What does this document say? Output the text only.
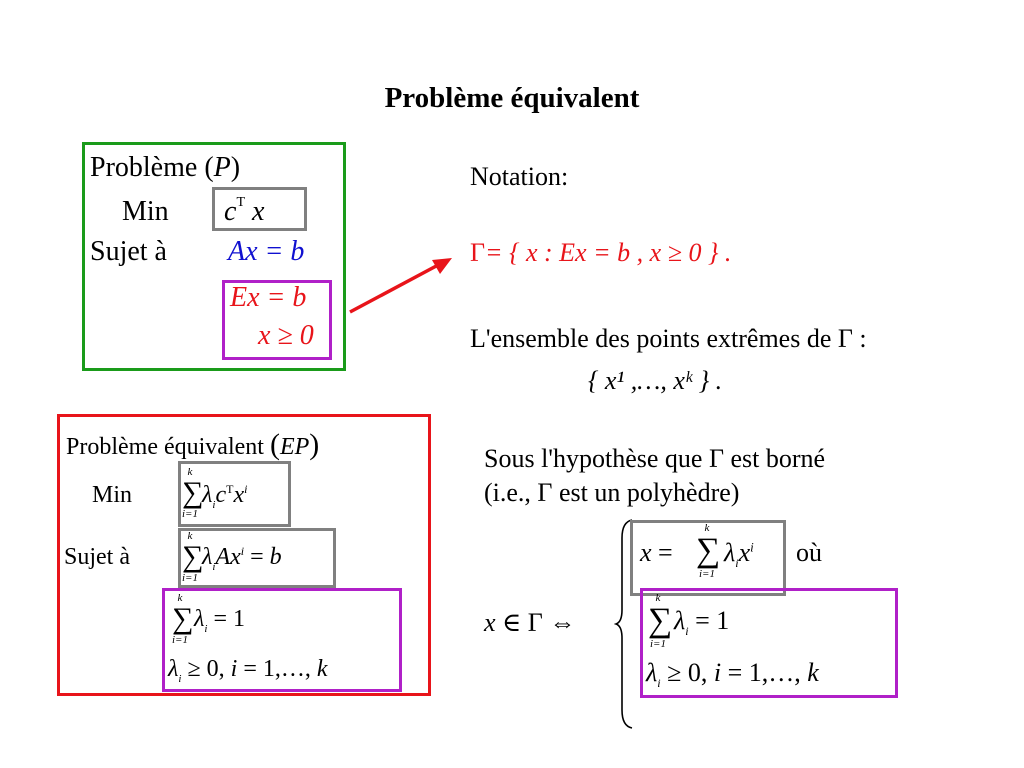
Problème équivalent
Problème (P)
Min $c^T$ x
Sujet à Ax = b
Ex = b
x ≥ 0
Notation:
Γ= { x : Ex = b , x ≥ 0 } .
L'ensemble des points extrêmes de Γ :
{ x¹ ,…, xᵏ } .
Problème équivalent (EP)
Min
k
∑
i=1
$\lambda_ic^Tx^i$
Sujet à
k
∑
i=1
$\lambda_iAx^i = b$
k
∑
i=1
$\lambda_i = 1$
$\lambda_i \ge 0$, i = 1,…, k
Sous l'hypothèse que Γ est borné
(i.e., Γ est un polyhèdre)
x ∈ Γ ⇔
x =
k
∑
i=1
$\lambda_ix^i$ où
k
∑
i=1
$\lambda_i = 1$
$\lambda_i \ge 0$, i = 1,…, k
